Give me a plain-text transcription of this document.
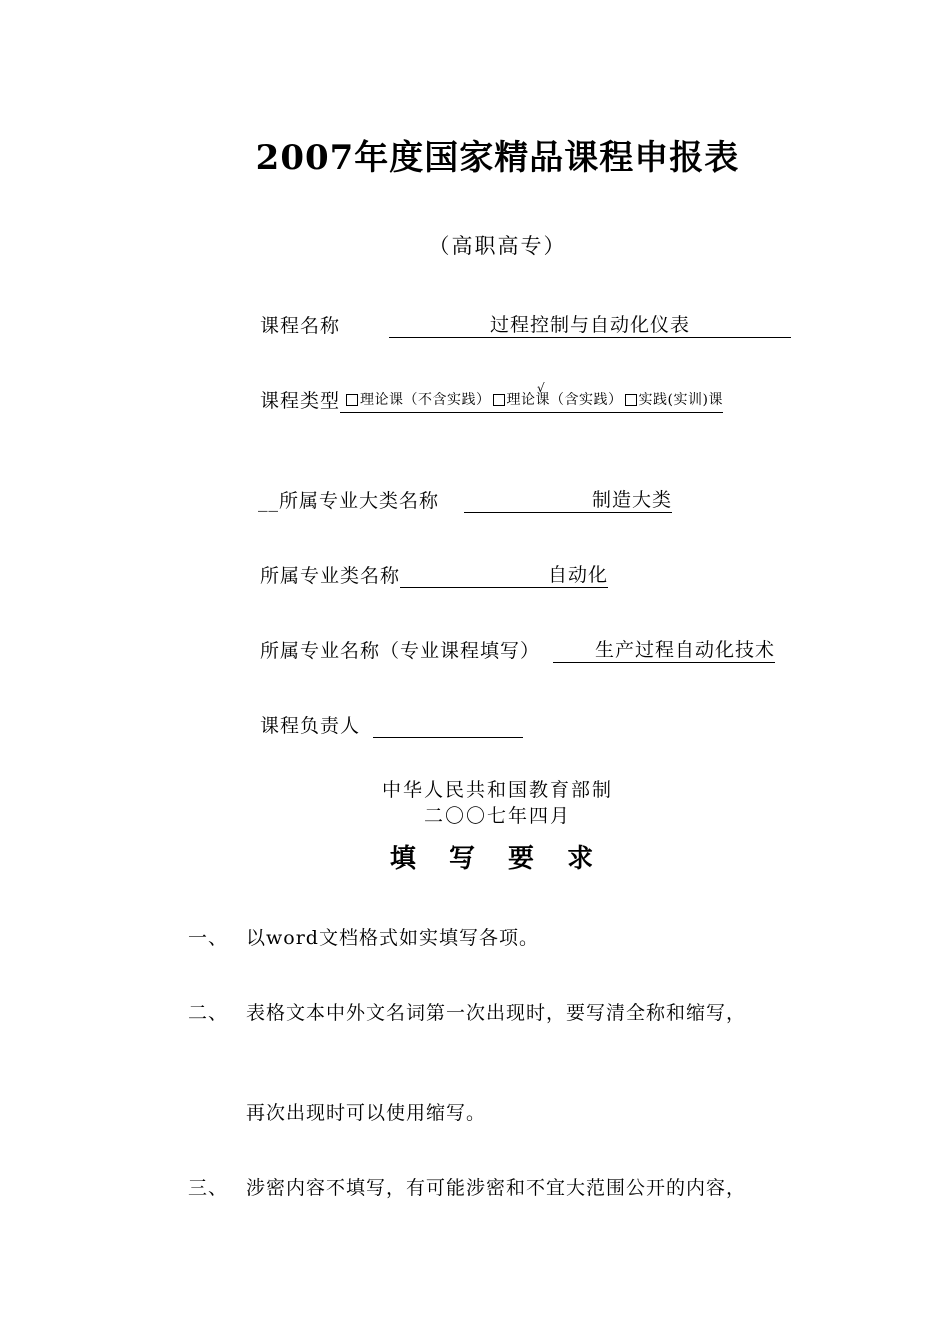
2007年度国家精品课程申报表
（高职高专）
课程名称	过程控制与自动化仪表
课程类型 理论课（不含实践） 理论课（含实践） 实践(实训)课
√
__所属专业大类名称	制造大类
所属专业类名称	自动化
所属专业名称（专业课程填写）	生产过程自动化技术
课程负责人
中华人民共和国教育部制
二〇〇七年四月
填 写 要 求
一、 以word文档格式如实填写各项。
二、 表格文本中外文名词第一次出现时，要写清全称和缩写，
再次出现时可以使用缩写。
三、 涉密内容不填写，有可能涉密和不宜大范围公开的内容，
